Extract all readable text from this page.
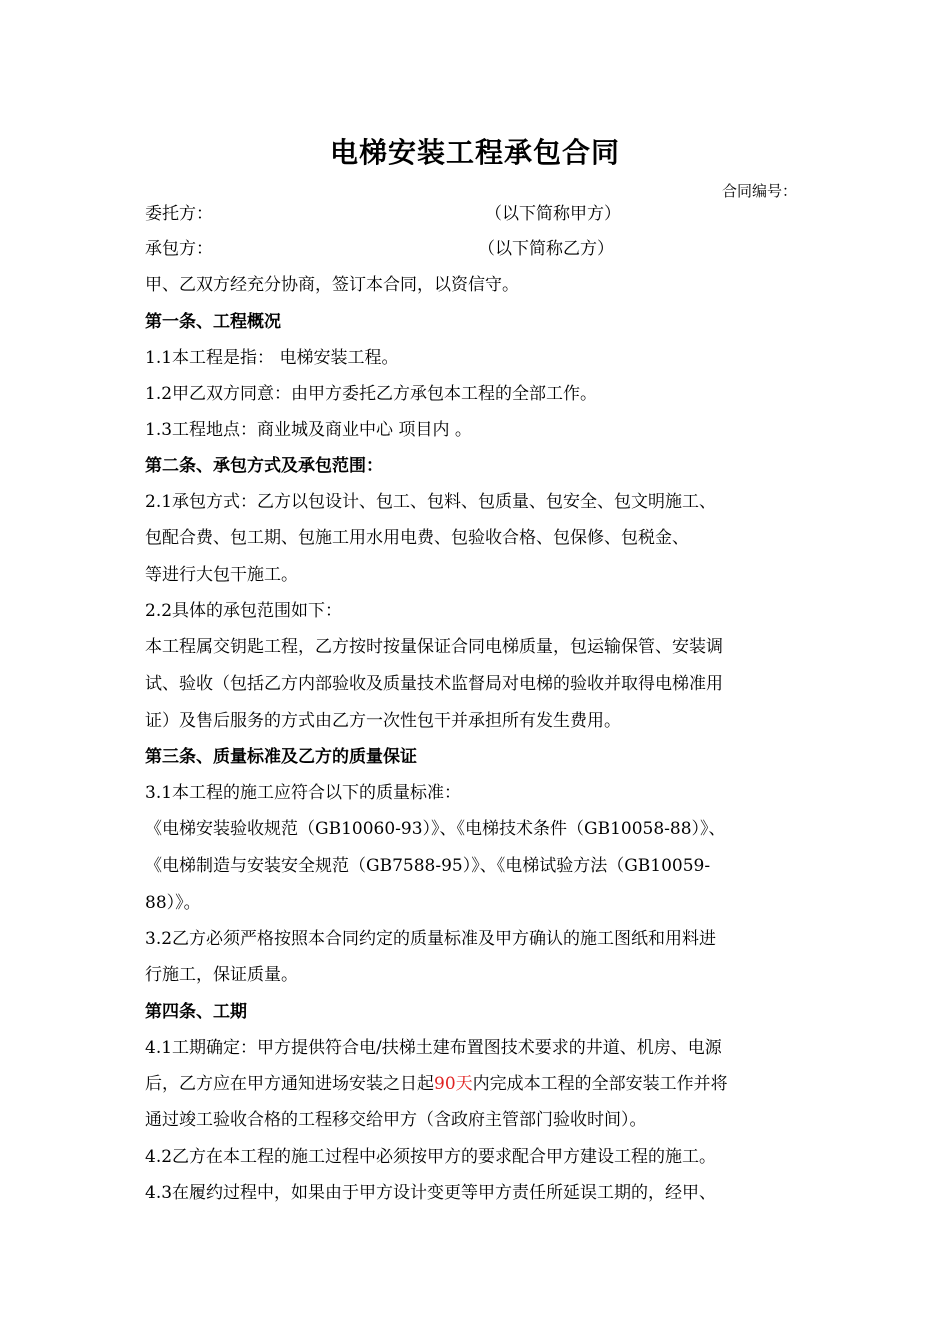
电梯安装工程承包合同
合同编号：
委托方：	（以下简称甲方）
承包方：	（以下简称乙方）
甲、乙双方经充分协商，签订本合同，以资信守。
第一条、工程概况
1.1本工程是指： 电梯安装工程。
1.2甲乙双方同意：由甲方委托乙方承包本工程的全部工作。
1.3工程地点：商业城及商业中心 项目内 。
第二条、承包方式及承包范围：
2.1承包方式：乙方以包设计、包工、包料、包质量、包安全、包文明施工、
包配合费、包工期、包施工用水用电费、包验收合格、包保修、包税金、
等进行大包干施工。
2.2具体的承包范围如下：
本工程属交钥匙工程，乙方按时按量保证合同电梯质量，包运输保管、安装调
试、验收（包括乙方内部验收及质量技术监督局对电梯的验收并取得电梯准用
证）及售后服务的方式由乙方一次性包干并承担所有发生费用。
第三条、质量标准及乙方的质量保证
3.1本工程的施工应符合以下的质量标准：
《电梯安装验收规范（GB10060-93）》、《电梯技术条件（GB10058-88）》、
《电梯制造与安装安全规范（GB7588-95）》、《电梯试验方法（GB10059-
88）》。
3.2乙方必须严格按照本合同约定的质量标准及甲方确认的施工图纸和用料进
行施工，保证质量。
第四条、工期
4.1工期确定：甲方提供符合电/扶梯土建布置图技术要求的井道、机房、电源
后，乙方应在甲方通知进场安装之日起90天内完成本工程的全部安装工作并将
通过竣工验收合格的工程移交给甲方（含政府主管部门验收时间）。
4.2乙方在本工程的施工过程中必须按甲方的要求配合甲方建设工程的施工。
4.3在履约过程中，如果由于甲方设计变更等甲方责任所延误工期的，经甲、
